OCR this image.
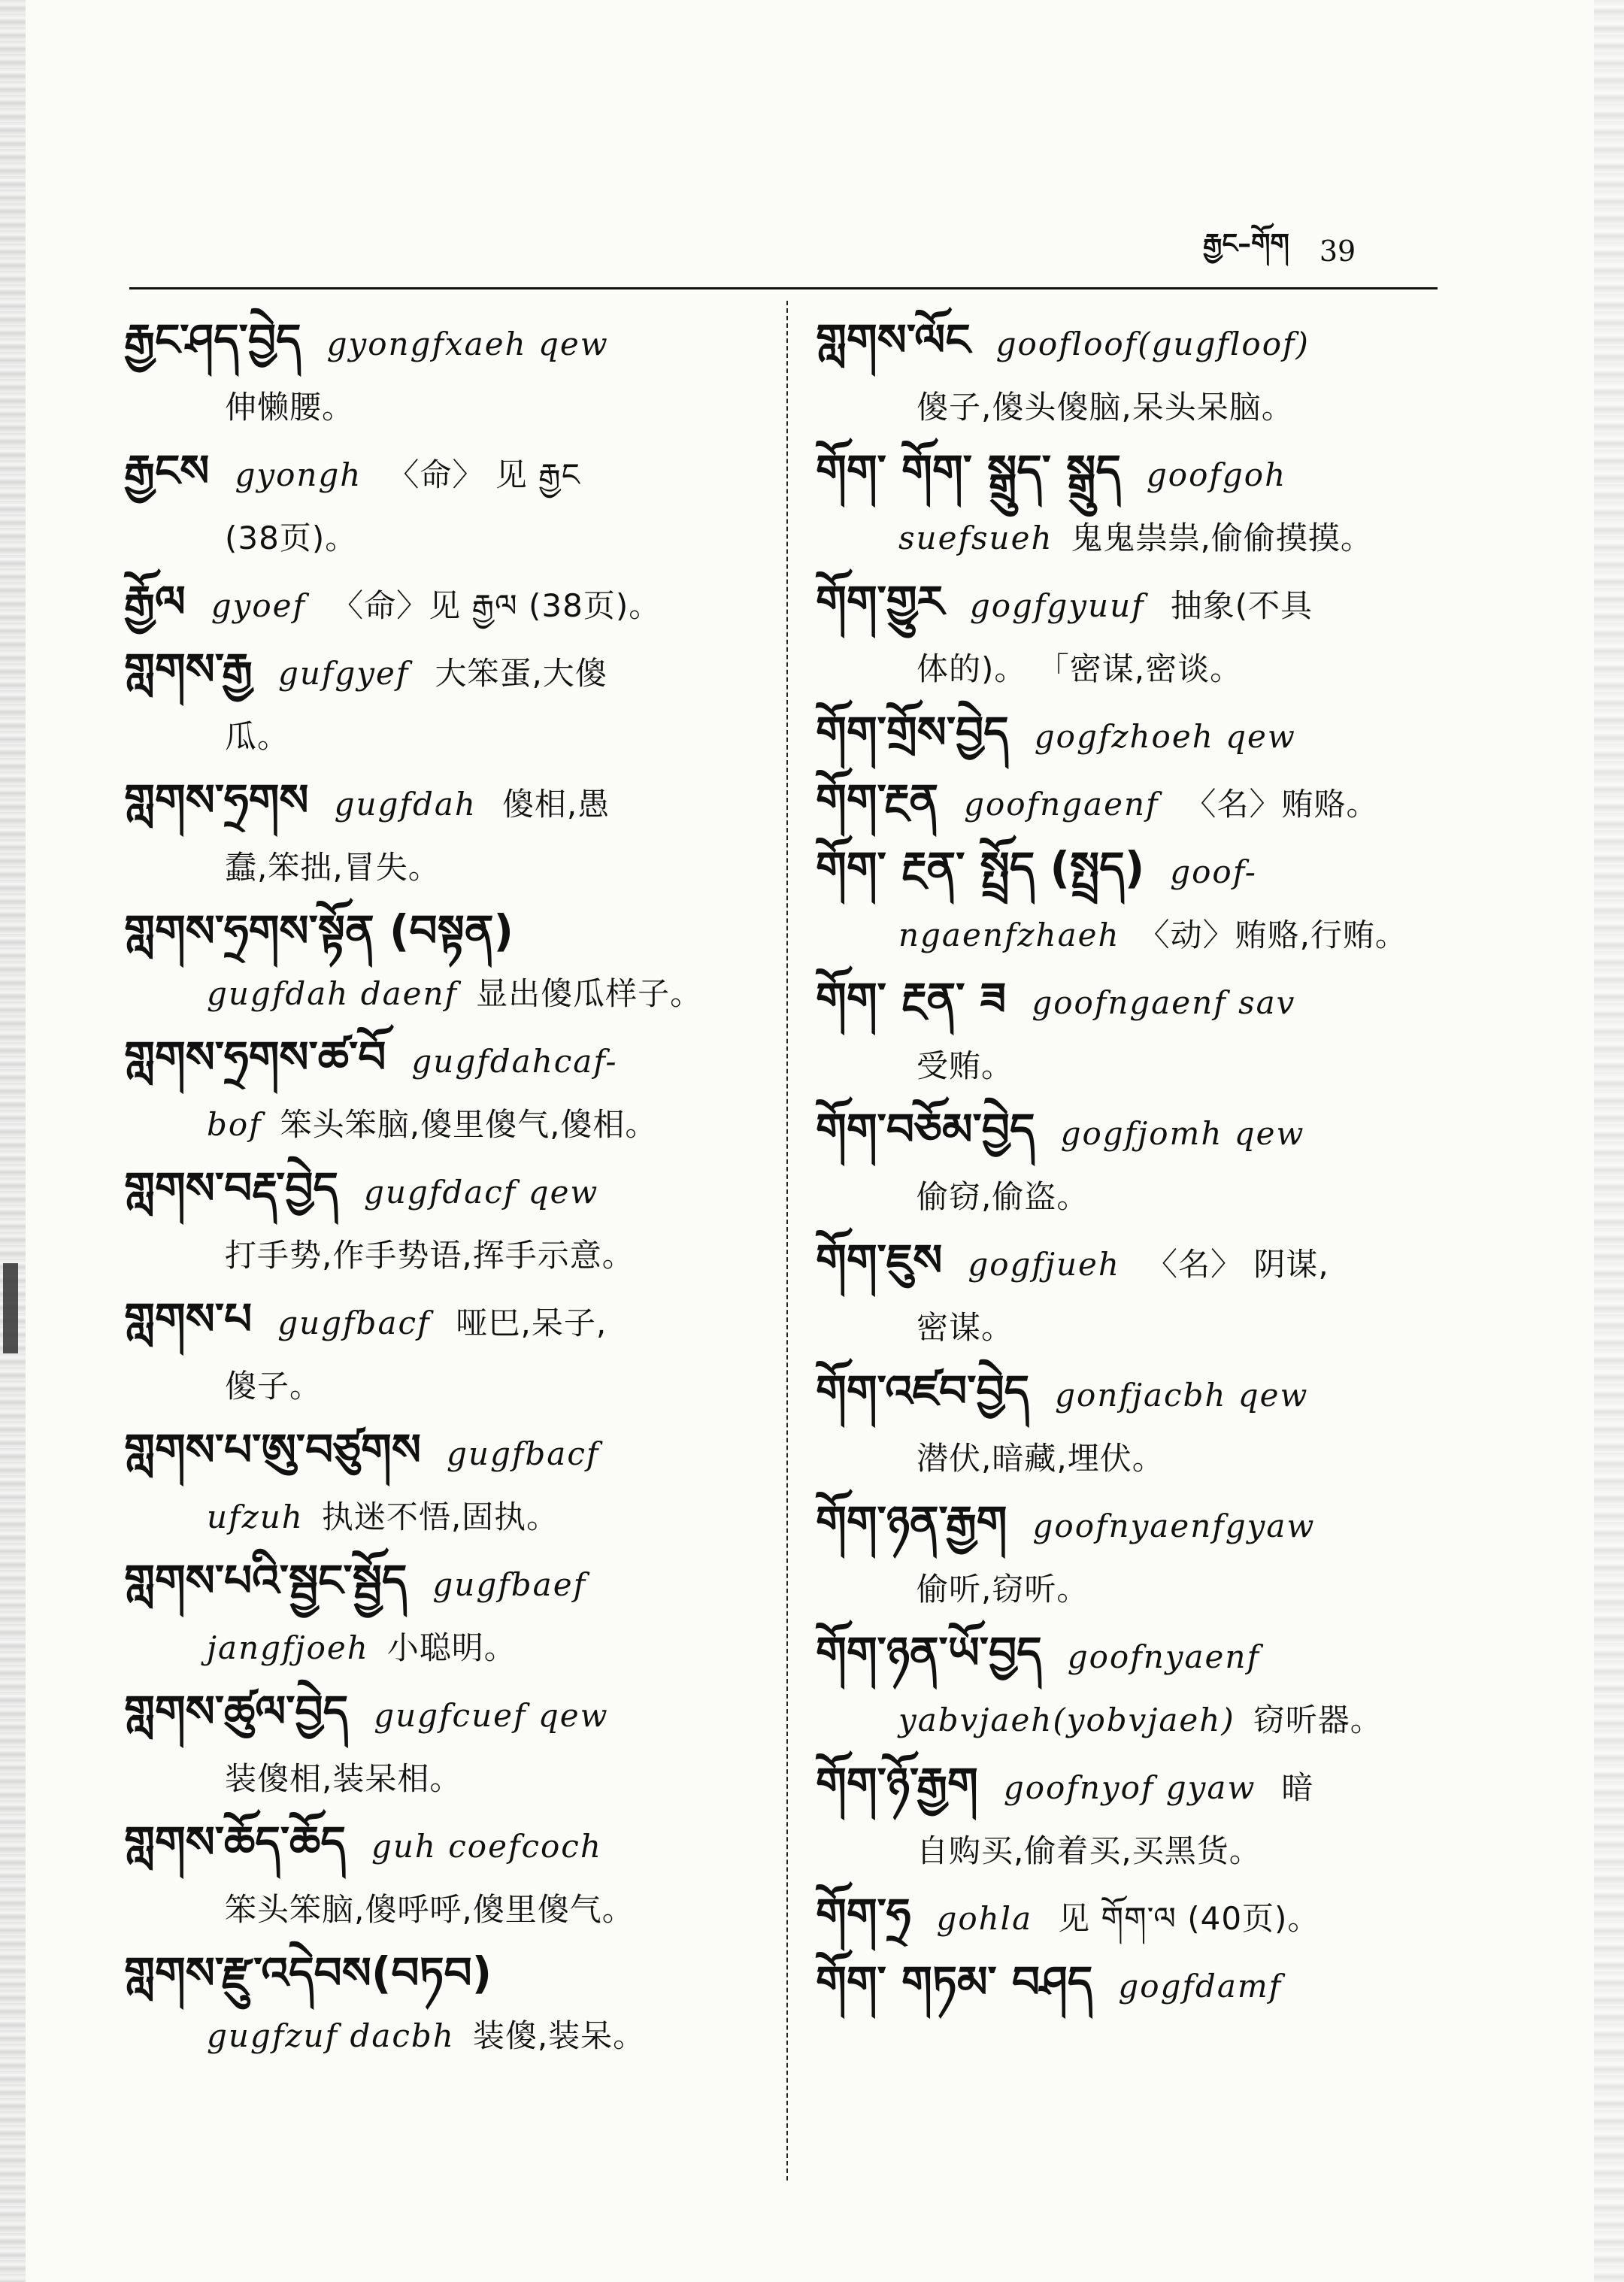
རྒྱང–གོག 39
རྒྱང་ཤད་བྱེད gyongfxaeh qew
伸懒腰。
རྒྱངས gyongh 〈命〉 见 རྒྱང
(38页)。
རྒྱོལ gyoef 〈命〉见 རྒྱལ (38页)。
གླགས་རྒྱ gufgyef 大笨蛋,大傻
瓜。
གླགས་ཧྲགས gugfdah 傻相,愚
蠢,笨拙,冒失。
གླགས་ཧྲགས་སྟོན (བསྟན)
gugfdah daenf 显出傻瓜样子。
གླགས་ཧྲགས་ཚ་བོ gugfdahcaf-
bof 笨头笨脑,傻里傻气,傻相。
གླགས་བརྡ་བྱེད gugfdacf qew
打手势,作手势语,挥手示意。
གླགས་པ gugfbacf 哑巴,呆子,
傻子。
གླགས་པ་ཨུ་བཙུགས gugfbacf
ufzuh 执迷不悟,固执。
གླགས་པའི་སྦྱང་སྦྱོད gugfbaef
jangfjoeh 小聪明。
གླགས་ཚུལ་བྱེད gugfcuef qew
装傻相,装呆相。
གླགས་ཆོད་ཆོད guh coefcoch
笨头笨脑,傻呼呼,傻里傻气。
གླགས་རྫུ་འདེབས(བཏབ)
gugfzuf dacbh 装傻,装呆。
གླགས་ལོང goofloof(gugfloof)
傻子,傻头傻脑,呆头呆脑。
གོག་ གོག་ སྒྲུད་ སྒྲུད goofgoh
suefsueh 鬼鬼祟祟,偷偷摸摸。
གོག་གྱུར gogfgyuuf 抽象(不具
体的)。 「密谋,密谈。
གོག་གྲོས་བྱེད gogfzhoeh qew
གོག་རྔན goofngaenf 〈名〉贿赂。
གོག་ རྔན་ སྤྲོད (སྤྲད) goof-
ngaenfzhaeh 〈动〉贿赂,行贿。
གོག་ རྔན་ ཟ goofngaenf sav
受贿。
གོག་བཅོམ་བྱེད gogfjomh qew
偷窃,偷盗。
གོག་ཇུས gogfjueh 〈名〉 阴谋,
密谋。
གོག་འཛབ་བྱེད gonfjacbh qew
潜伏,暗藏,埋伏。
གོག་ཉན་རྒྱག goofnyaenfgyaw
偷听,窃听。
གོག་ཉན་ཡོ་བྱད goofnyaenf
yabvjaeh(yobvjaeh) 窃听器。
གོག་ཉོ་རྒྱག goofnyof gyaw 暗
自购买,偷着买,买黑货。
གོག་ཧྲ gohla 见 གོག་ལ (40页)。
གོག་ གཏམ་ བཤད gogfdamf
